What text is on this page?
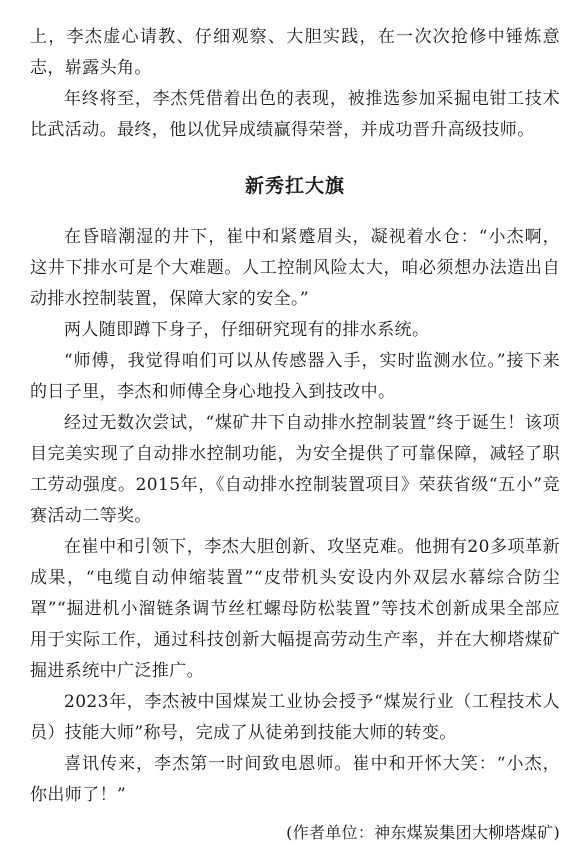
上，李杰虚心请教、仔细观察、大胆实践，在一次次抢修中锤炼意志，崭露头角。

年终将至，李杰凭借着出色的表现，被推选参加采掘电钳工技术比武活动。最终，他以优异成绩赢得荣誉，并成功晋升高级技师。

新秀扛大旗

在昏暗潮湿的井下，崔中和紧蹙眉头，凝视着水仓：“小杰啊，这井下排水可是个大难题。人工控制风险太大，咱必须想办法造出自动排水控制装置，保障大家的安全。”

两人随即蹲下身子，仔细研究现有的排水系统。

“师傅，我觉得咱们可以从传感器入手，实时监测水位。”接下来的日子里，李杰和师傅全身心地投入到技改中。

经过无数次尝试，“煤矿井下自动排水控制装置”终于诞生！该项目完美实现了自动排水控制功能，为安全提供了可靠保障，减轻了职工劳动强度。2015年，《自动排水控制装置项目》荣获省级“五小”竞赛活动二等奖。

在崔中和引领下，李杰大胆创新、攻坚克难。他拥有20多项革新成果，“电缆自动伸缩装置”“皮带机头安设内外双层水幕综合防尘罩”“掘进机小溜链条调节丝杠螺母防松装置”等技术创新成果全部应用于实际工作，通过科技创新大幅提高劳动生产率，并在大柳塔煤矿掘进系统中广泛推广。

2023年，李杰被中国煤炭工业协会授予“煤炭行业（工程技术人员）技能大师”称号，完成了从徒弟到技能大师的转变。

喜讯传来，李杰第一时间致电恩师。崔中和开怀大笑：“小杰，你出师了！”

(作者单位：神东煤炭集团大柳塔煤矿)
